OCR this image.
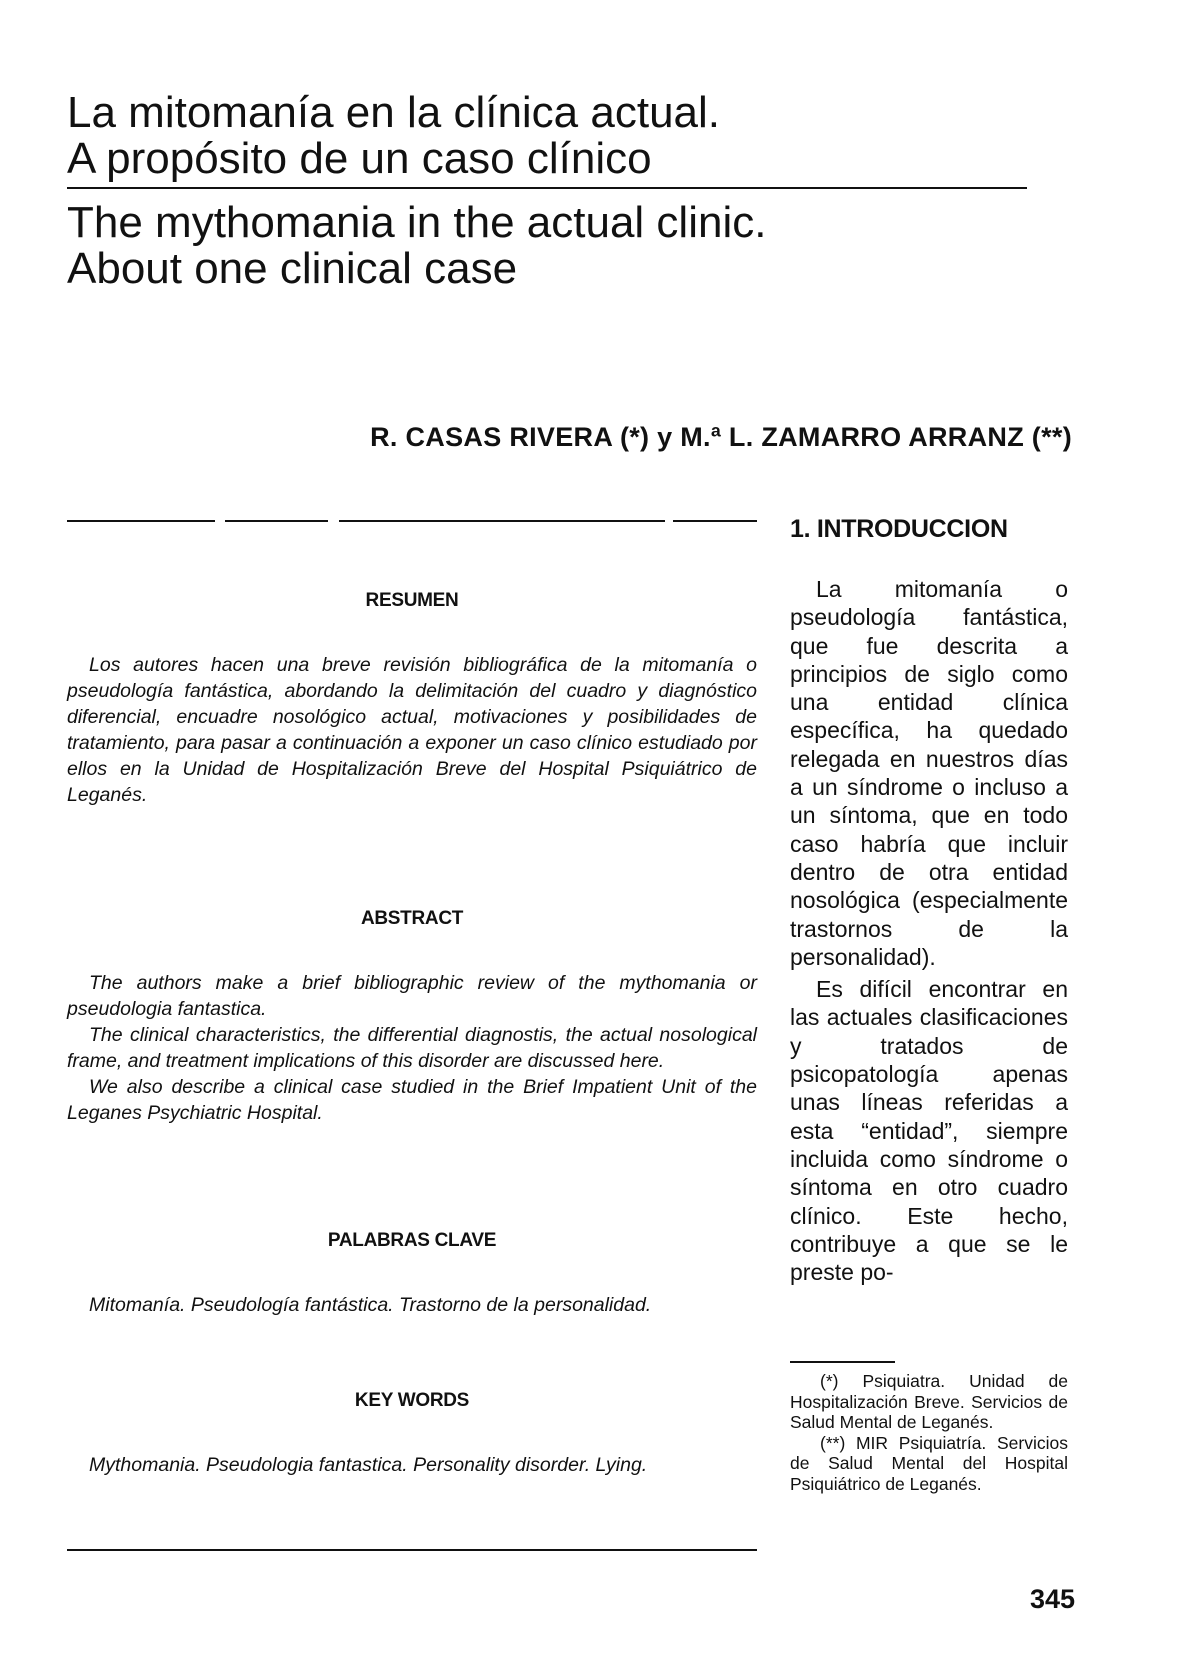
La mitomanía en la clínica actual.
A propósito de un caso clínico
The mythomania in the actual clinic.
About one clinical case

R. CASAS RIVERA (*) y M.ª L. ZAMARRO ARRANZ (**)

RESUMEN

Los autores hacen una breve revisión bibliográfica de la mitomanía o pseudología fantástica, abordando la delimitación del cuadro y diagnóstico diferencial, encuadre nosológico actual, motivaciones y posibilidades de tratamiento, para pasar a continuación a exponer un caso clínico estudiado por ellos en la Unidad de Hospitalización Breve del Hospital Psiquiátrico de Leganés.

ABSTRACT

The authors make a brief bibliographic review of the mythomania or pseudologia fantastica.

The clinical characteristics, the differential diagnostis, the actual nosological frame, and treatment implications of this disorder are discussed here.

We also describe a clinical case studied in the Brief Impatient Unit of the Leganes Psychiatric Hospital.

PALABRAS CLAVE

Mitomanía. Pseudología fantástica. Trastorno de la personalidad.

KEY WORDS

Mythomania. Pseudologia fantastica. Personality disorder. Lying.

1. INTRODUCCION

La mitomanía o pseudología fantástica, que fue descrita a principios de siglo como una entidad clínica específica, ha quedado relegada en nuestros días a un síndrome o incluso a un síntoma, que en todo caso habría que incluir dentro de otra entidad nosológica (especialmente trastornos de la personalidad).

Es difícil encontrar en las actuales clasificaciones y tratados de psicopatología apenas unas líneas referidas a esta “entidad”, siempre incluida como síndrome o síntoma en otro cuadro clínico. Este hecho, contribuye a que se le preste po-

(*) Psiquiatra. Unidad de Hospitalización Breve. Servicios de Salud Mental de Leganés.

(**) MIR Psiquiatría. Servicios de Salud Mental del Hospital Psiquiátrico de Leganés.

345
